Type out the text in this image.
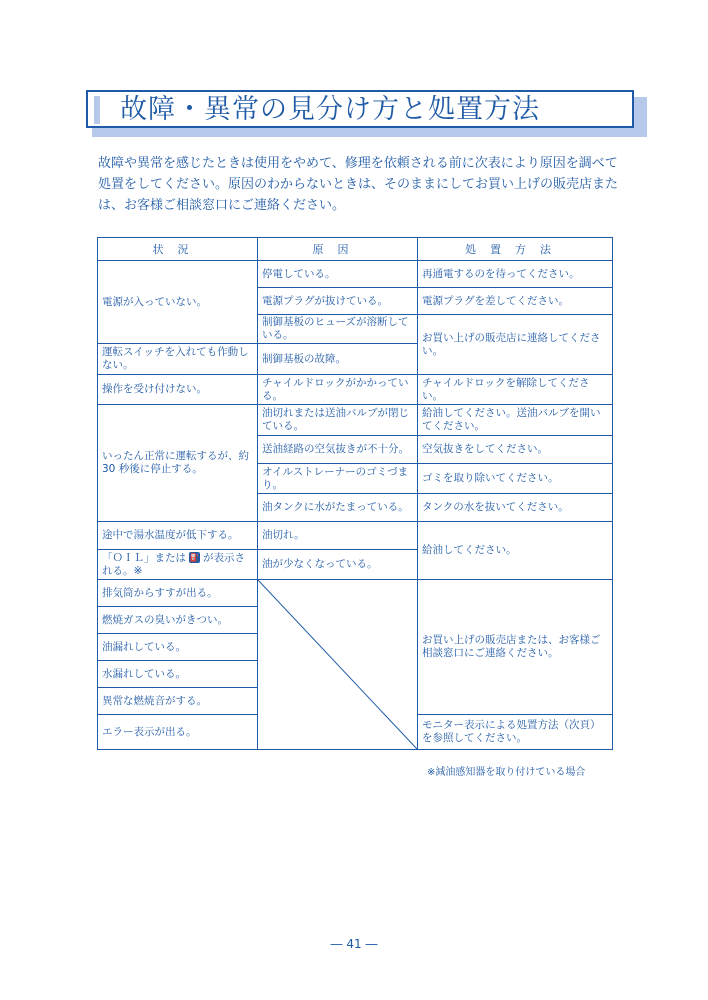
故障・異常の見分け方と処置方法
故障や異常を感じたときは使用をやめて、修理を依頼される前に次表により原因を調べて処置をしてください。原因のわからないときは、そのままにしてお買い上げの販売店または、お客様ご相談窓口にご連絡ください。
状況	原因	処置方法
電源が入っていない。	停電している。	再通電するのを待ってください。
	電源プラグが抜けている。	電源プラグを差してください。
	制御基板のヒューズが溶断している。	お買い上げの販売店に連絡してください。
運転スイッチを入れても作動しない。	制御基板の故障。	
操作を受け付けない。	チャイルドロックがかかっている。	チャイルドロックを解除してください。
いったん正常に運転するが、約 30 秒後に停止する。	油切れまたは送油バルブが閉じている。	給油してください。送油バルブを開いてください。
	送油経路の空気抜きが不十分。	空気抜きをしてください。
	オイルストレーナーのゴミづまり。	ゴミを取り除いてください。
	油タンクに水がたまっている。	タンクの水を抜いてください。
途中で湯水温度が低下する。	油切れ。	給油してください。
「ＯＩＬ」または ⛽ が表示される。※	油が少なくなっている。	
排気筒からすすが出る。		お買い上げの販売店または、お客様ご相談窓口にご連絡ください。
燃焼ガスの臭いがきつい。		
油漏れしている。		
水漏れしている。		
異常な燃焼音がする。		
エラー表示が出る。		モニター表示による処置方法（次頁）を参照してください。
※減油感知器を取り付けている場合
― 41 ―
